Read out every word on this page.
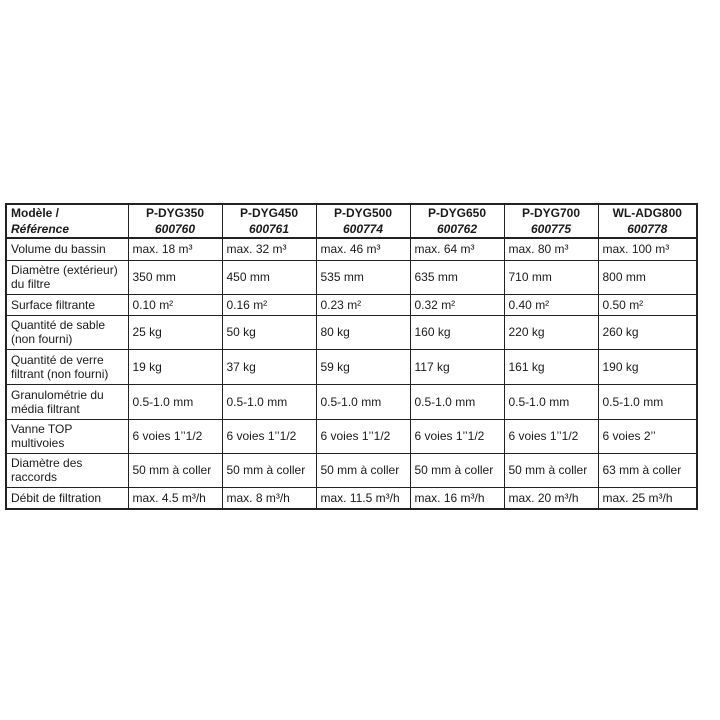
Modèle /	P-DYG350	P-DYG450	P-DYG500	P-DYG650	P-DYG700	WL-ADG800
Référence	600760	600761	600774	600762	600775	600778

Volume du bassin	max. 18 m³	max. 32 m³	max. 46 m³	max. 64 m³	max. 80 m³	max. 100 m³

Diamètre (extérieur)
du filtre	350 mm	450 mm	535 mm	635 mm	710 mm	800 mm

Surface filtrante	0.10 m²	0.16 m²	0.23 m²	0.32 m²	0.40 m²	0.50 m²

Quantité de sable
(non fourni)	25 kg	50 kg	80 kg	160 kg	220 kg	260 kg

Quantité de verre
filtrant (non fourni)	19 kg	37 kg	59 kg	117 kg	161 kg	190 kg

Granulométrie du
média filtrant	0.5-1.0 mm	0.5-1.0 mm	0.5-1.0 mm	0.5-1.0 mm	0.5-1.0 mm	0.5-1.0 mm

Vanne TOP
multivoies	6 voies 1’’1/2	6 voies 1’’1/2	6 voies 1’’1/2	6 voies 1’’1/2	6 voies 1’’1/2	6 voies 2’’

Diamètre des
raccords	50 mm à coller	50 mm à coller	50 mm à coller	50 mm à coller	50 mm à coller	63 mm à coller

Débit de filtration	max. 4.5 m³/h	max. 8 m³/h	max. 11.5 m³/h	max. 16 m³/h	max. 20 m³/h	max. 25 m³/h
